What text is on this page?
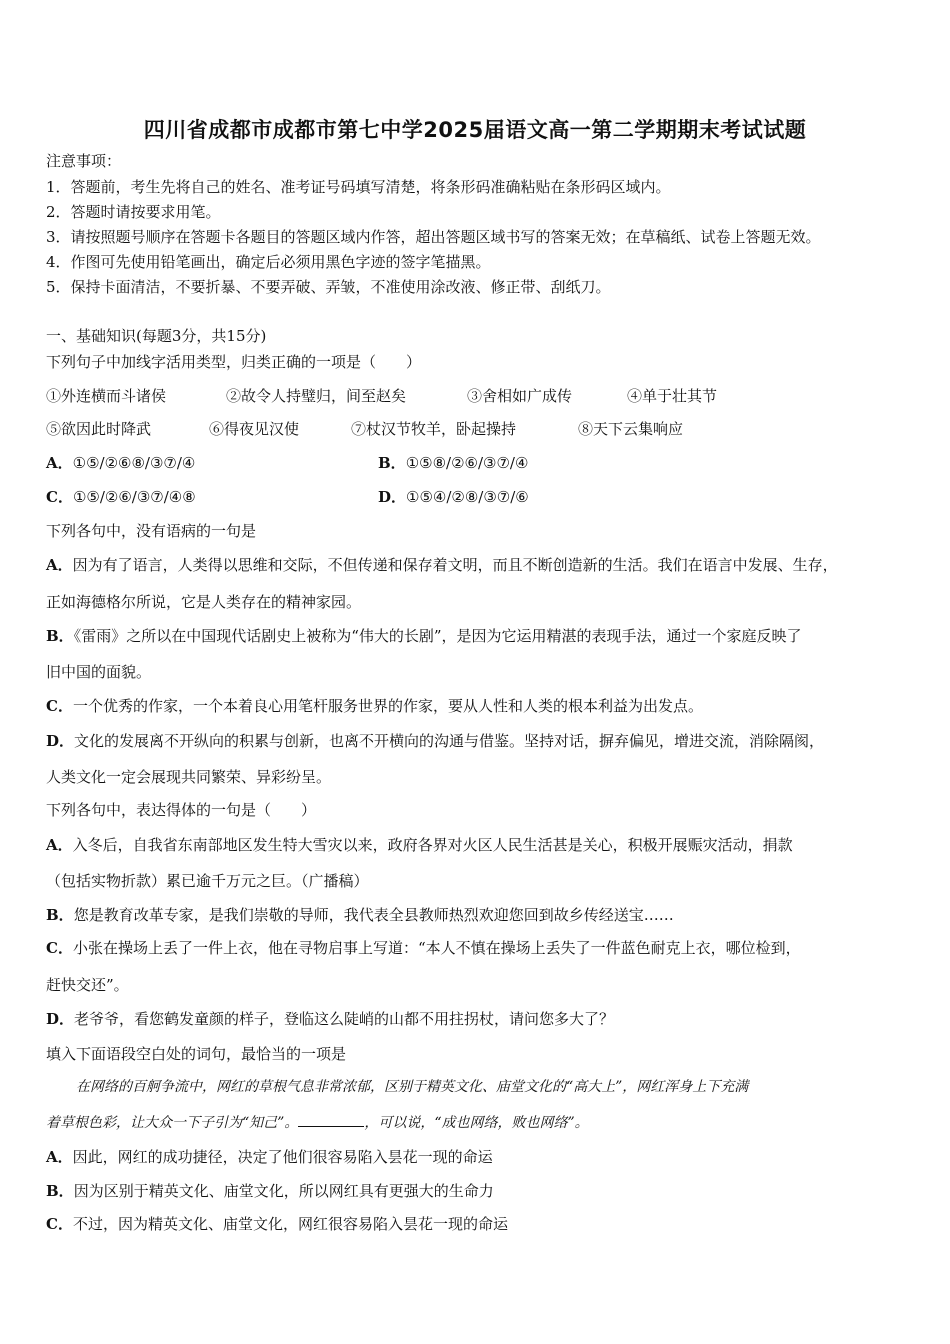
四川省成都市成都市第七中学2025届语文高一第二学期期末考试试题
注意事项：
1．答题前，考生先将自己的姓名、准考证号码填写清楚，将条形码准确粘贴在条形码区域内。
2．答题时请按要求用笔。
3．请按照题号顺序在答题卡各题目的答题区域内作答，超出答题区域书写的答案无效；在草稿纸、试卷上答题无效。
4．作图可先使用铅笔画出，确定后必须用黑色字迹的签字笔描黑。
5．保持卡面清洁，不要折暴、不要弄破、弄皱，不准使用涂改液、修正带、刮纸刀。
一、基础知识(每题3分，共15分)
下列句子中加线字活用类型，归类正确的一项是（　　）
①外连横而斗诸侯	②故令人持璧归，间至赵矣	③舍相如广成传	④单于壮其节
⑤欲因此时降武	⑥得夜见汉使	⑦杖汉节牧羊，卧起操持	⑧天下云集响应
A．①⑤/②⑥⑧/③⑦/④	B．①⑤⑧/②⑥/③⑦/④
C．①⑤/②⑥/③⑦/④⑧	D．①⑤④/②⑧/③⑦/⑥
下列各句中，没有语病的一句是
A．因为有了语言，人类得以思维和交际，不但传递和保存着文明，而且不断创造新的生活。我们在语言中发展、生存，
正如海德格尔所说，它是人类存在的精神家园。
B．《雷雨》之所以在中国现代话剧史上被称为“伟大的长剧”，是因为它运用精湛的表现手法，通过一个家庭反映了
旧中国的面貌。
C．一个优秀的作家，一个本着良心用笔杆服务世界的作家，要从人性和人类的根本利益为出发点。
D．文化的发展离不开纵向的积累与创新，也离不开横向的沟通与借鉴。坚持对话，摒弃偏见，增进交流，消除隔阂，
人类文化一定会展现共同繁荣、异彩纷呈。
下列各句中，表达得体的一句是（　　）
A．入冬后，自我省东南部地区发生特大雪灾以来，政府各界对火区人民生活甚是关心，积极开展赈灾活动，捐款
（包括实物折款）累已逾千万元之巨。（广播稿）
B．您是教育改革专家，是我们崇敬的导师，我代表全县教师热烈欢迎您回到故乡传经送宝……
C．小张在操场上丢了一件上衣，他在寻物启事上写道：“本人不慎在操场上丢失了一件蓝色耐克上衣，哪位检到，
赶快交还”。
D．老爷爷，看您鹤发童颜的样子，登临这么陡峭的山都不用拄拐杖，请问您多大了？
填入下面语段空白处的词句，最恰当的一项是
在网络的百舸争流中，网红的草根气息非常浓郁，区别于精英文化、庙堂文化的“高大上”，网红浑身上下充满
着草根色彩，让大众一下子引为“知己”。	，可以说，“成也网络，败也网络”。
A．因此，网红的成功捷径，决定了他们很容易陷入昙花一现的命运
B．因为区别于精英文化、庙堂文化，所以网红具有更强大的生命力
C．不过，因为精英文化、庙堂文化，网红很容易陷入昙花一现的命运
